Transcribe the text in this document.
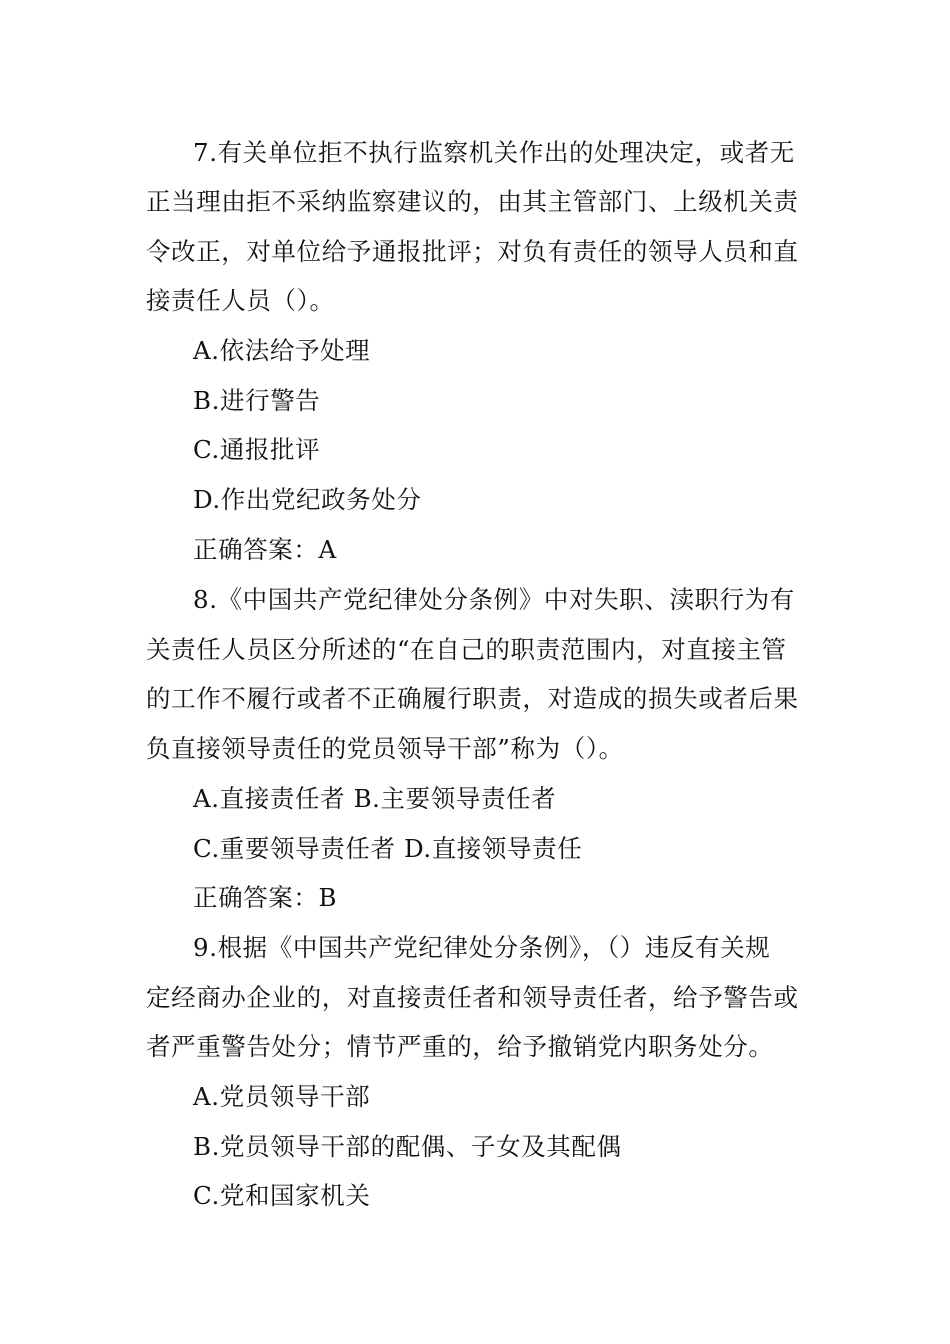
7.有关单位拒不执行监察机关作出的处理决定，或者无
正当理由拒不采纳监察建议的，由其主管部门、上级机关责
令改正，对单位给予通报批评；对负有责任的领导人员和直
接责任人员（）。
A.依法给予处理
B.进行警告
C.通报批评
D.作出党纪政务处分
正确答案：A
8.《中国共产党纪律处分条例》中对失职、渎职行为有
关责任人员区分所述的“在自己的职责范围内，对直接主管
的工作不履行或者不正确履行职责，对造成的损失或者后果
负直接领导责任的党员领导干部”称为（）。
A.直接责任者 B.主要领导责任者
C.重要领导责任者 D.直接领导责任
正确答案：B
9.根据《中国共产党纪律处分条例》，（）违反有关规
定经商办企业的，对直接责任者和领导责任者，给予警告或
者严重警告处分；情节严重的，给予撤销党内职务处分。
A.党员领导干部
B.党员领导干部的配偶、子女及其配偶
C.党和国家机关
